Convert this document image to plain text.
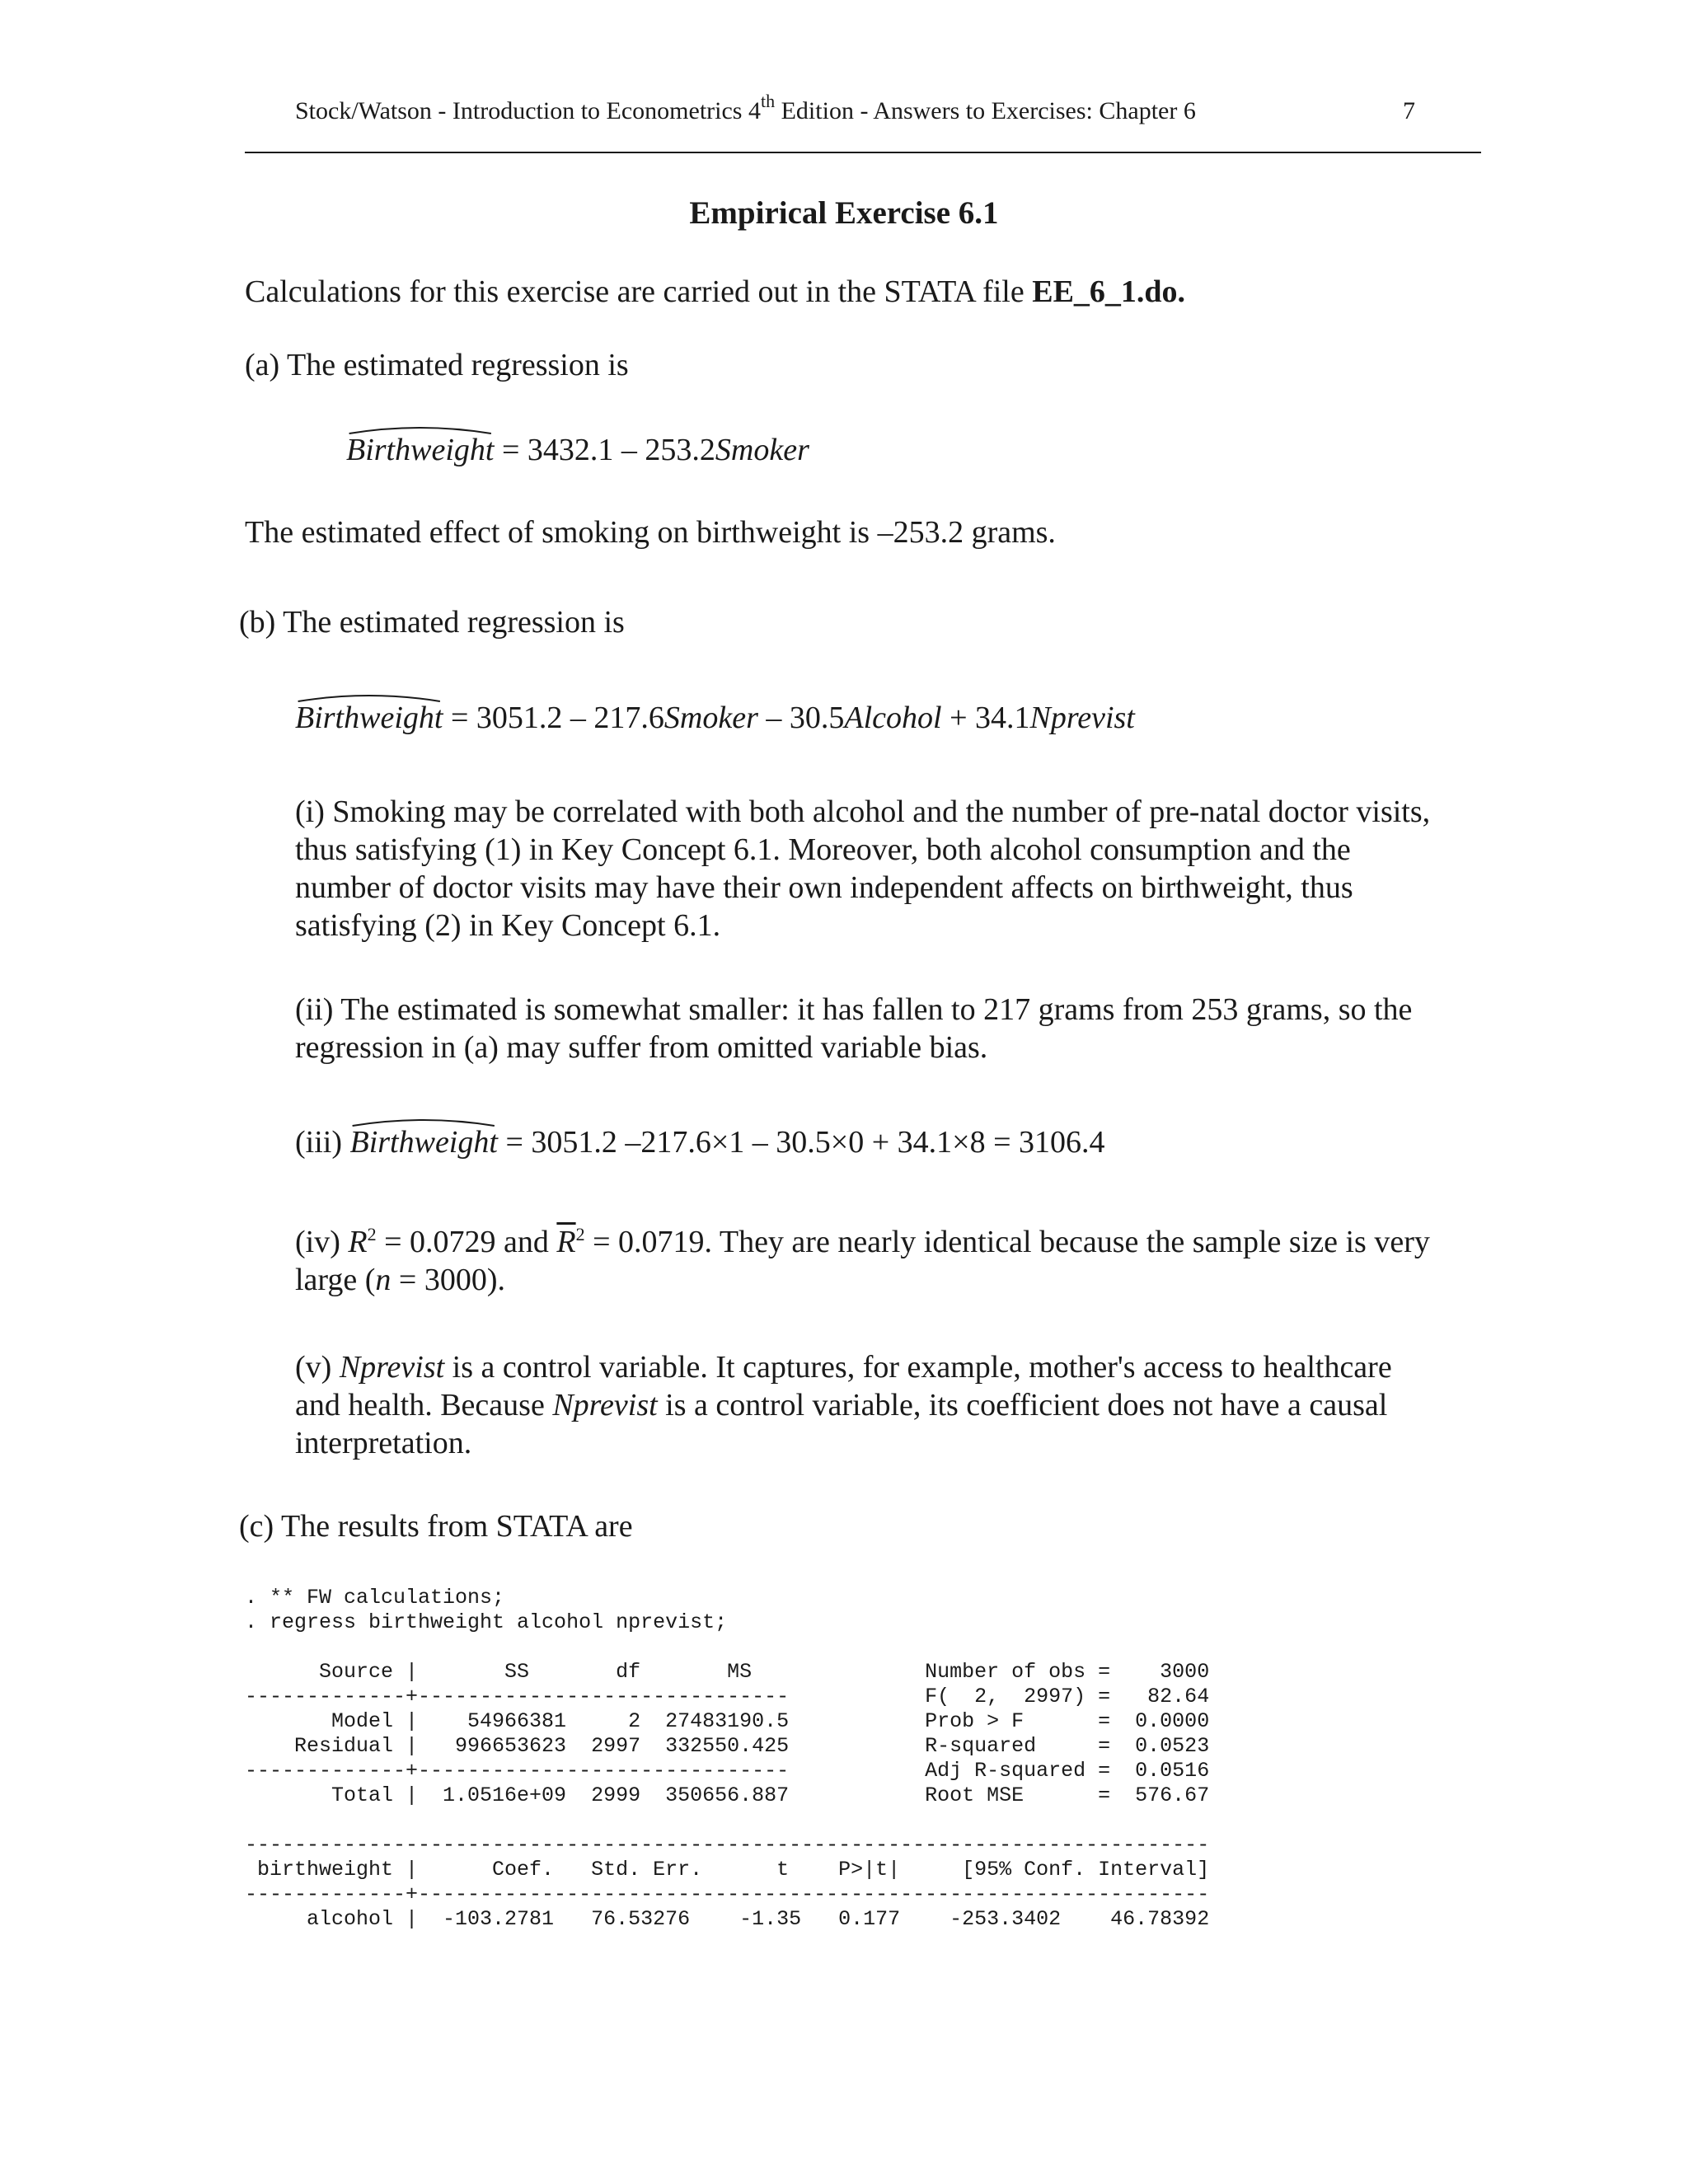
Stock/Watson - Introduction to Econometrics 4th Edition - Answers to Exercises: Chapter 6	7
Empirical Exercise 6.1
Calculations for this exercise are carried out in the STATA file EE_6_1.do.
(a) The estimated regression is
Birthweight
= 3432.1 – 253.2Smoker
The estimated effect of smoking on birthweight is –253.2 grams.
(b) The estimated regression is
Birthweight
= 3051.2 – 217.6Smoker – 30.5Alcohol + 34.1Nprevist
(i) Smoking may be correlated with both alcohol and the number of pre-natal doctor visits, thus satisfying (1) in Key Concept 6.1. Moreover, both alcohol consumption and the number of doctor visits may have their own independent affects on birthweight, thus satisfying (2) in Key Concept 6.1.
(ii) The estimated is somewhat smaller: it has fallen to 217 grams from 253 grams, so the regression in (a) may suffer from omitted variable bias.
(iii) Birthweight
= 3051.2 –217.6×1 – 30.5×0 + 34.1×8 = 3106.4
(iv) $R^2 = 0.0729$ and $\overline{R}^2 = 0.0719$. They are nearly identical because the sample size is very large (n = 3000).
(v) Nprevist is a control variable. It captures, for example, mother's access to healthcare and health. Because Nprevist is a control variable, its coefficient does not have a causal interpretation.
(c) The results from STATA are
. ** FW calculations;
. regress birthweight alcohol nprevist;
Source |       SS       df       MS              Number of obs =    3000
-------------+------------------------------           F(  2,  2997) =   82.64
Model |    54966381     2  27483190.5           Prob > F      =  0.0000
Residual |   996653623  2997  332550.425           R-squared     =  0.0523
-------------+------------------------------           Adj R-squared =  0.0516
Total |  1.0516e+09  2999  350656.887           Root MSE      =  576.67
------------------------------------------------------------------------------
birthweight |      Coef.   Std. Err.      t    P>|t|     [95% Conf. Interval]
-------------+----------------------------------------------------------------
alcohol |  -103.2781   76.53276    -1.35   0.177    -253.3402    46.78392
